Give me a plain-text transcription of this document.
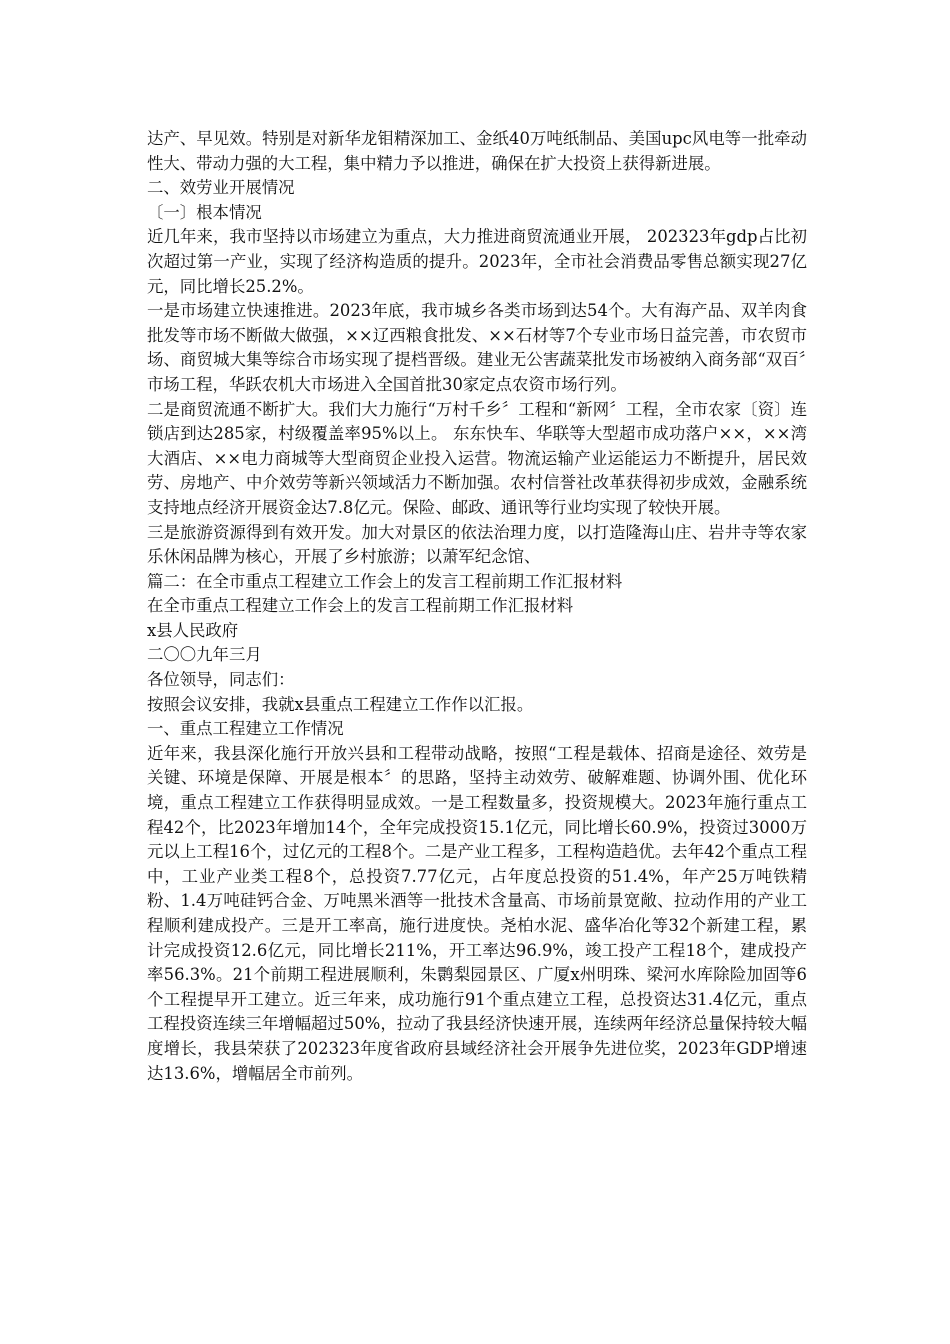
达产、早见效。特别是对新华龙钼精深加工、金纸40万吨纸制品、美国upc风电等一批牵动性大、带动力强的大工程，集中精力予以推进，确保在扩大投资上获得新进展。

二、效劳业开展情况

〔一〕根本情况

近几年来，我市坚持以市场建立为重点，大力推进商贸流通业开展， 202323年gdp占比初次超过第一产业，实现了经济构造质的提升。2023年，全市社会消费品零售总额实现27亿元，同比增长25.2%。

一是市场建立快速推进。2023年底，我市城乡各类市场到达54个。大有海产品、双羊肉食批发等市场不断做大做强，××辽西粮食批发、××石材等7个专业市场日益完善，市农贸市场、商贸城大集等综合市场实现了提档晋级。建业无公害蔬菜批发市场被纳入商务部“双百〞市场工程，华跃农机大市场进入全国首批30家定点农资市场行列。

二是商贸流通不断扩大。我们大力施行“万村千乡〞工程和“新网〞工程，全市农家〔资〕连锁店到达285家，村级覆盖率95%以上。 东东快车、华联等大型超市成功落户××，××湾大酒店、××电力商城等大型商贸企业投入运营。物流运输产业运能运力不断提升，居民效劳、房地产、中介效劳等新兴领域活力不断加强。农村信誉社改革获得初步成效，金融系统支持地点经济开展资金达7.8亿元。保险、邮政、通讯等行业均实现了较快开展。

三是旅游资源得到有效开发。加大对景区的依法治理力度，以打造隆海山庄、岩井寺等农家乐休闲品牌为核心，开展了乡村旅游；以萧军纪念馆、

篇二：在全市重点工程建立工作会上的发言工程前期工作汇报材料

在全市重点工程建立工作会上的发言工程前期工作汇报材料

x县人民政府

二〇〇九年三月

各位领导，同志们：

按照会议安排，我就x县重点工程建立工作作以汇报。

一、重点工程建立工作情况

近年来，我县深化施行开放兴县和工程带动战略，按照“工程是载体、招商是途径、效劳是关键、环境是保障、开展是根本〞的思路，坚持主动效劳、破解难题、协调外围、优化环境，重点工程建立工作获得明显成效。一是工程数量多，投资规模大。2023年施行重点工程42个，比2023年增加14个，全年完成投资15.1亿元，同比增长60.9%，投资过3000万元以上工程16个，过亿元的工程8个。二是产业工程多，工程构造趋优。去年42个重点工程中，工业产业类工程8个，总投资7.77亿元，占年度总投资的51.4%，年产25万吨铁精粉、1.4万吨硅钙合金、万吨黑米酒等一批技术含量高、市场前景宽敞、拉动作用的产业工程顺利建成投产。三是开工率高，施行进度快。尧柏水泥、盛华冶化等32个新建工程，累计完成投资12.6亿元，同比增长211%，开工率达96.9%，竣工投产工程18个，建成投产率56.3%。21个前期工程进展顺利，朱鹮梨园景区、广厦x州明珠、梁河水库除险加固等6个工程提早开工建立。近三年来，成功施行91个重点建立工程，总投资达31.4亿元，重点工程投资连续三年增幅超过50%，拉动了我县经济快速开展，连续两年经济总量保持较大幅度增长，我县荣获了202323年度省政府县域经济社会开展争先进位奖，2023年GDP增速达13.6%，增幅居全市前列。
